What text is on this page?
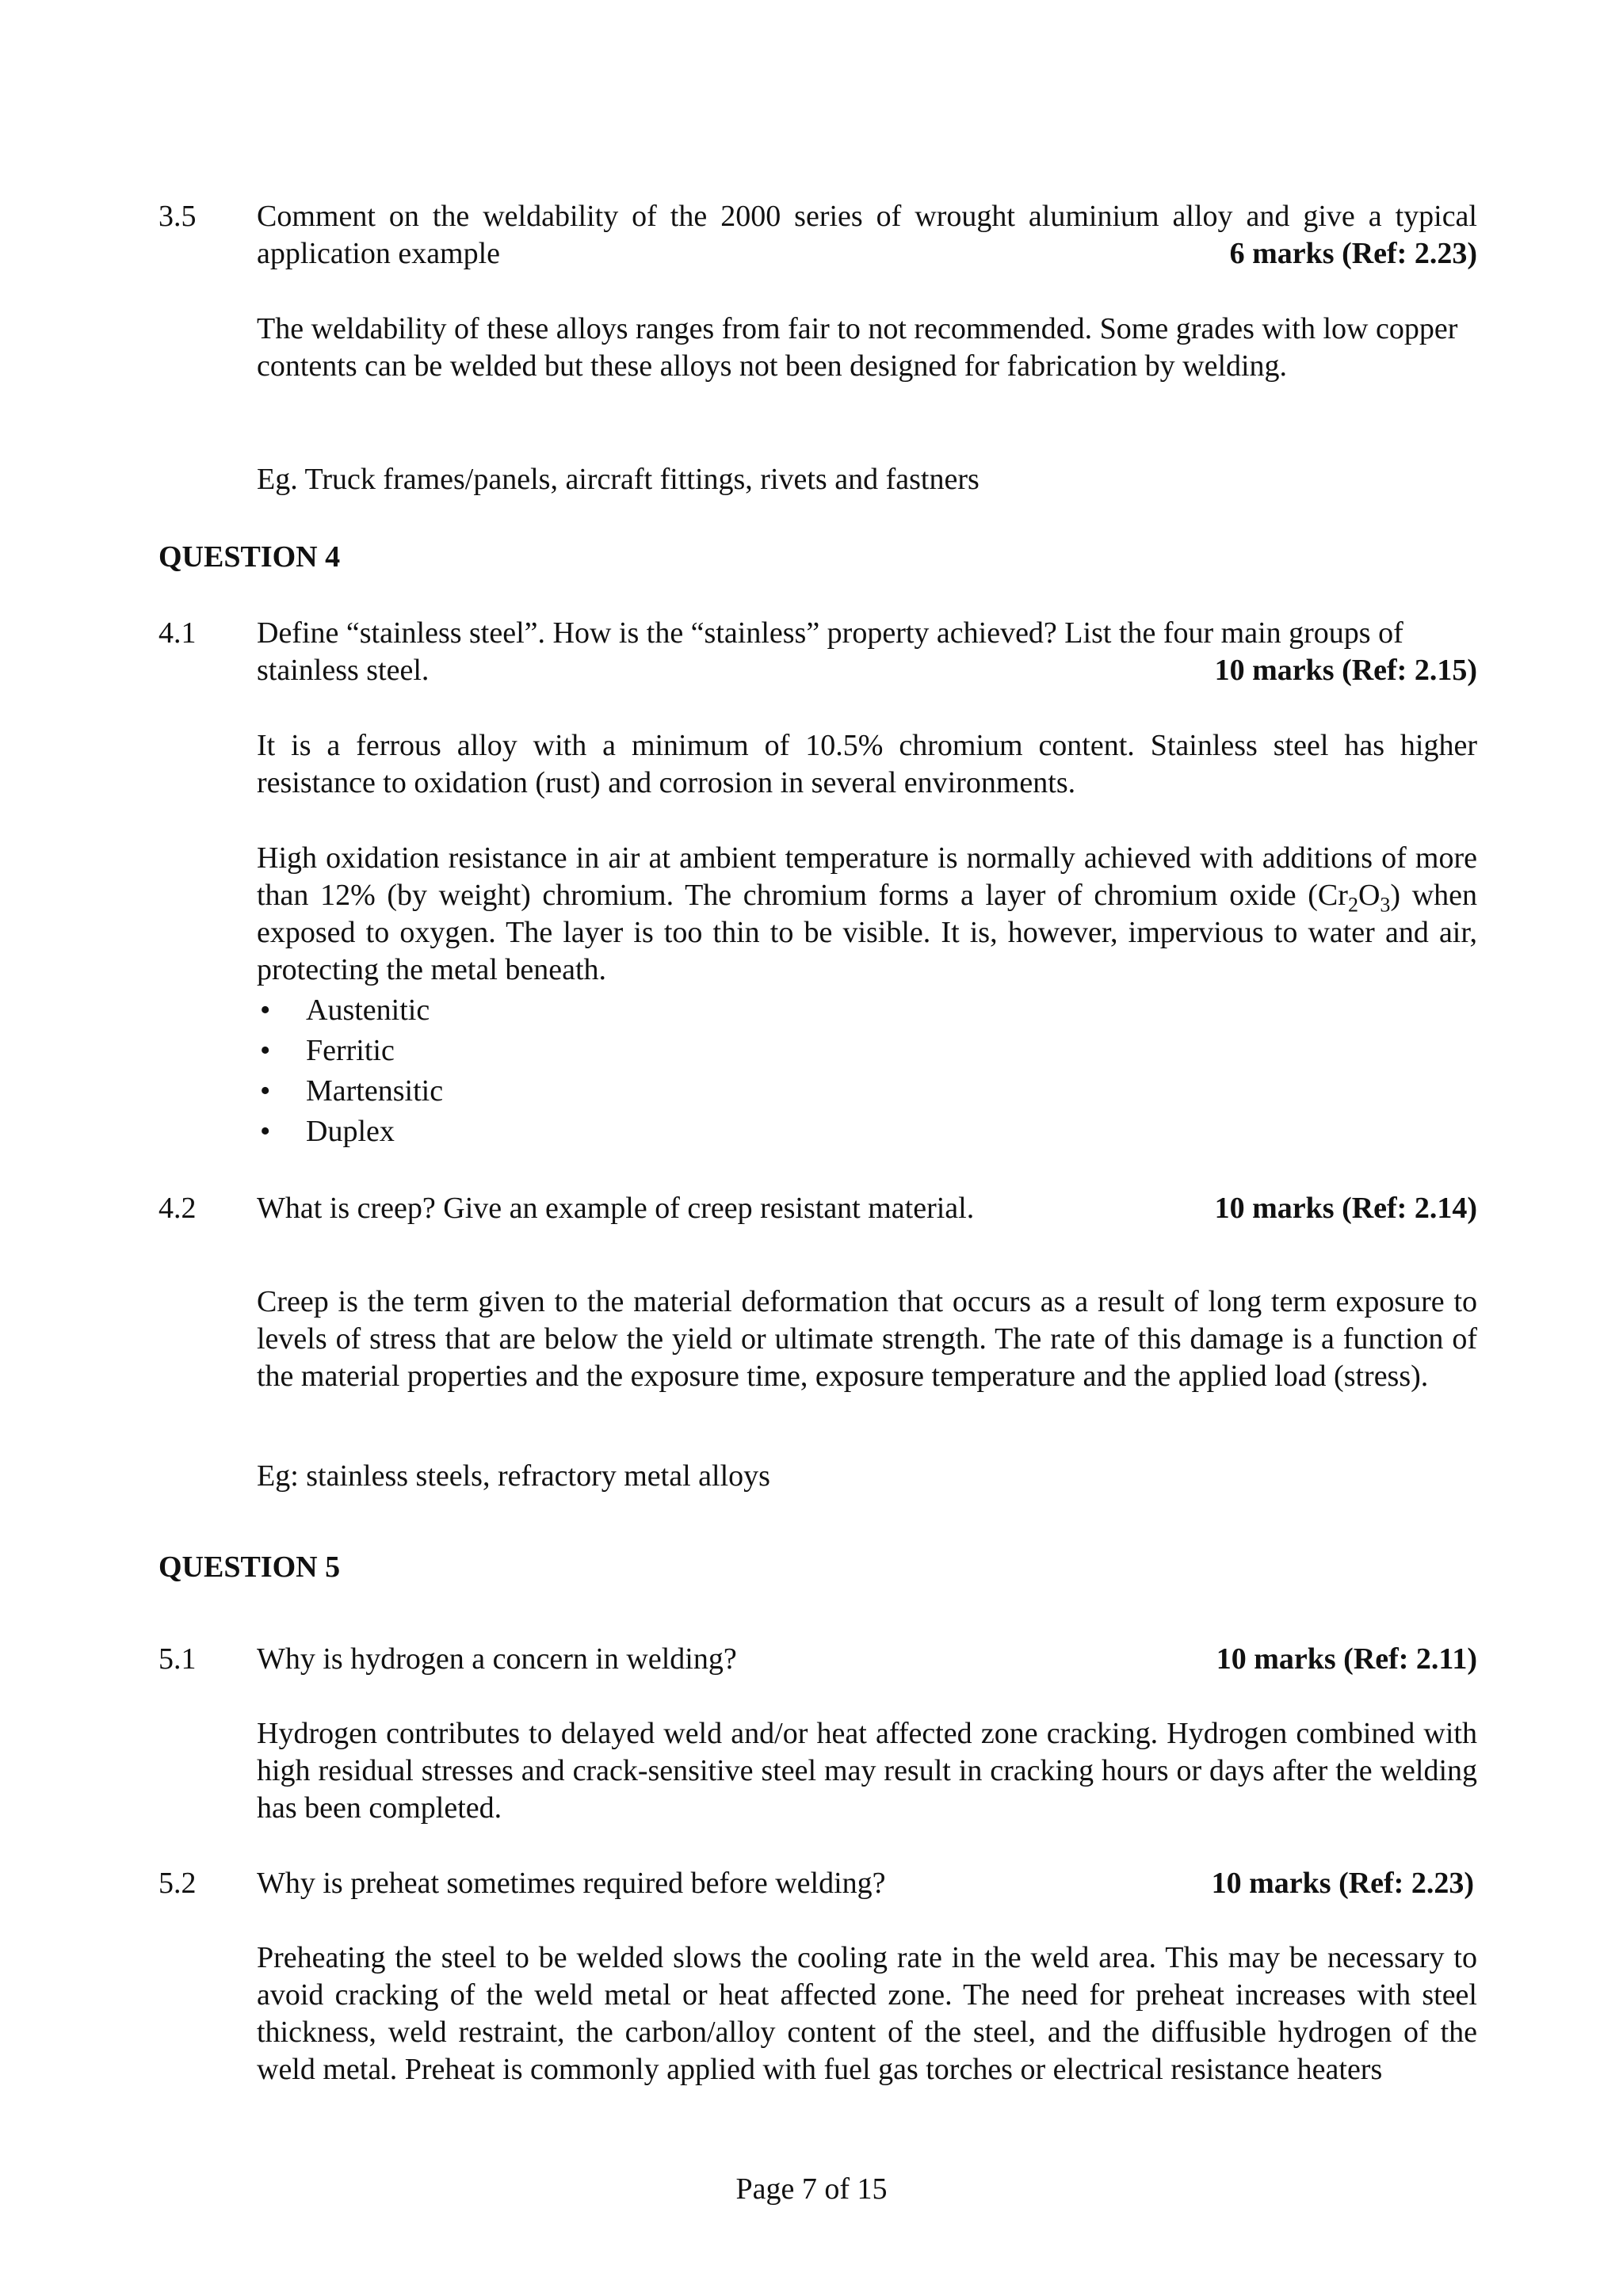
3.5 Comment on the weldability of the 2000 series of wrought aluminium alloy and give a typical application example	6 marks (Ref: 2.23)
The weldability of these alloys ranges from fair to not recommended. Some grades with low copper contents can be welded but these alloys not been designed for fabrication by welding.
Eg. Truck frames/panels, aircraft fittings, rivets and fastners
QUESTION 4
4.1 Define “stainless steel”. How is the “stainless” property achieved? List the four main groups of stainless steel.	10 marks (Ref: 2.15)
It is a ferrous alloy with a minimum of 10.5% chromium content. Stainless steel has higher resistance to oxidation (rust) and corrosion in several environments.
High oxidation resistance in air at ambient temperature is normally achieved with additions of more than 12% (by weight) chromium. The chromium forms a layer of chromium oxide $(Cr_2O_3)$ when exposed to oxygen. The layer is too thin to be visible. It is, however, impervious to water and air, protecting the metal beneath.
• Austenitic
• Ferritic
• Martensitic
• Duplex
4.2 What is creep? Give an example of creep resistant material.	10 marks (Ref: 2.14)
Creep is the term given to the material deformation that occurs as a result of long term exposure to levels of stress that are below the yield or ultimate strength. The rate of this damage is a function of the material properties and the exposure time, exposure temperature and the applied load (stress).
Eg: stainless steels, refractory metal alloys
QUESTION 5
5.1 Why is hydrogen a concern in welding?	10 marks (Ref: 2.11)
Hydrogen contributes to delayed weld and/or heat affected zone cracking. Hydrogen combined with high residual stresses and crack-sensitive steel may result in cracking hours or days after the welding has been completed.
5.2 Why is preheat sometimes required before welding?	10 marks (Ref: 2.23)
Preheating the steel to be welded slows the cooling rate in the weld area. This may be necessary to avoid cracking of the weld metal or heat affected zone. The need for preheat increases with steel thickness, weld restraint, the carbon/alloy content of the steel, and the diffusible hydrogen of the weld metal. Preheat is commonly applied with fuel gas torches or electrical resistance heaters
Page 7 of 15
